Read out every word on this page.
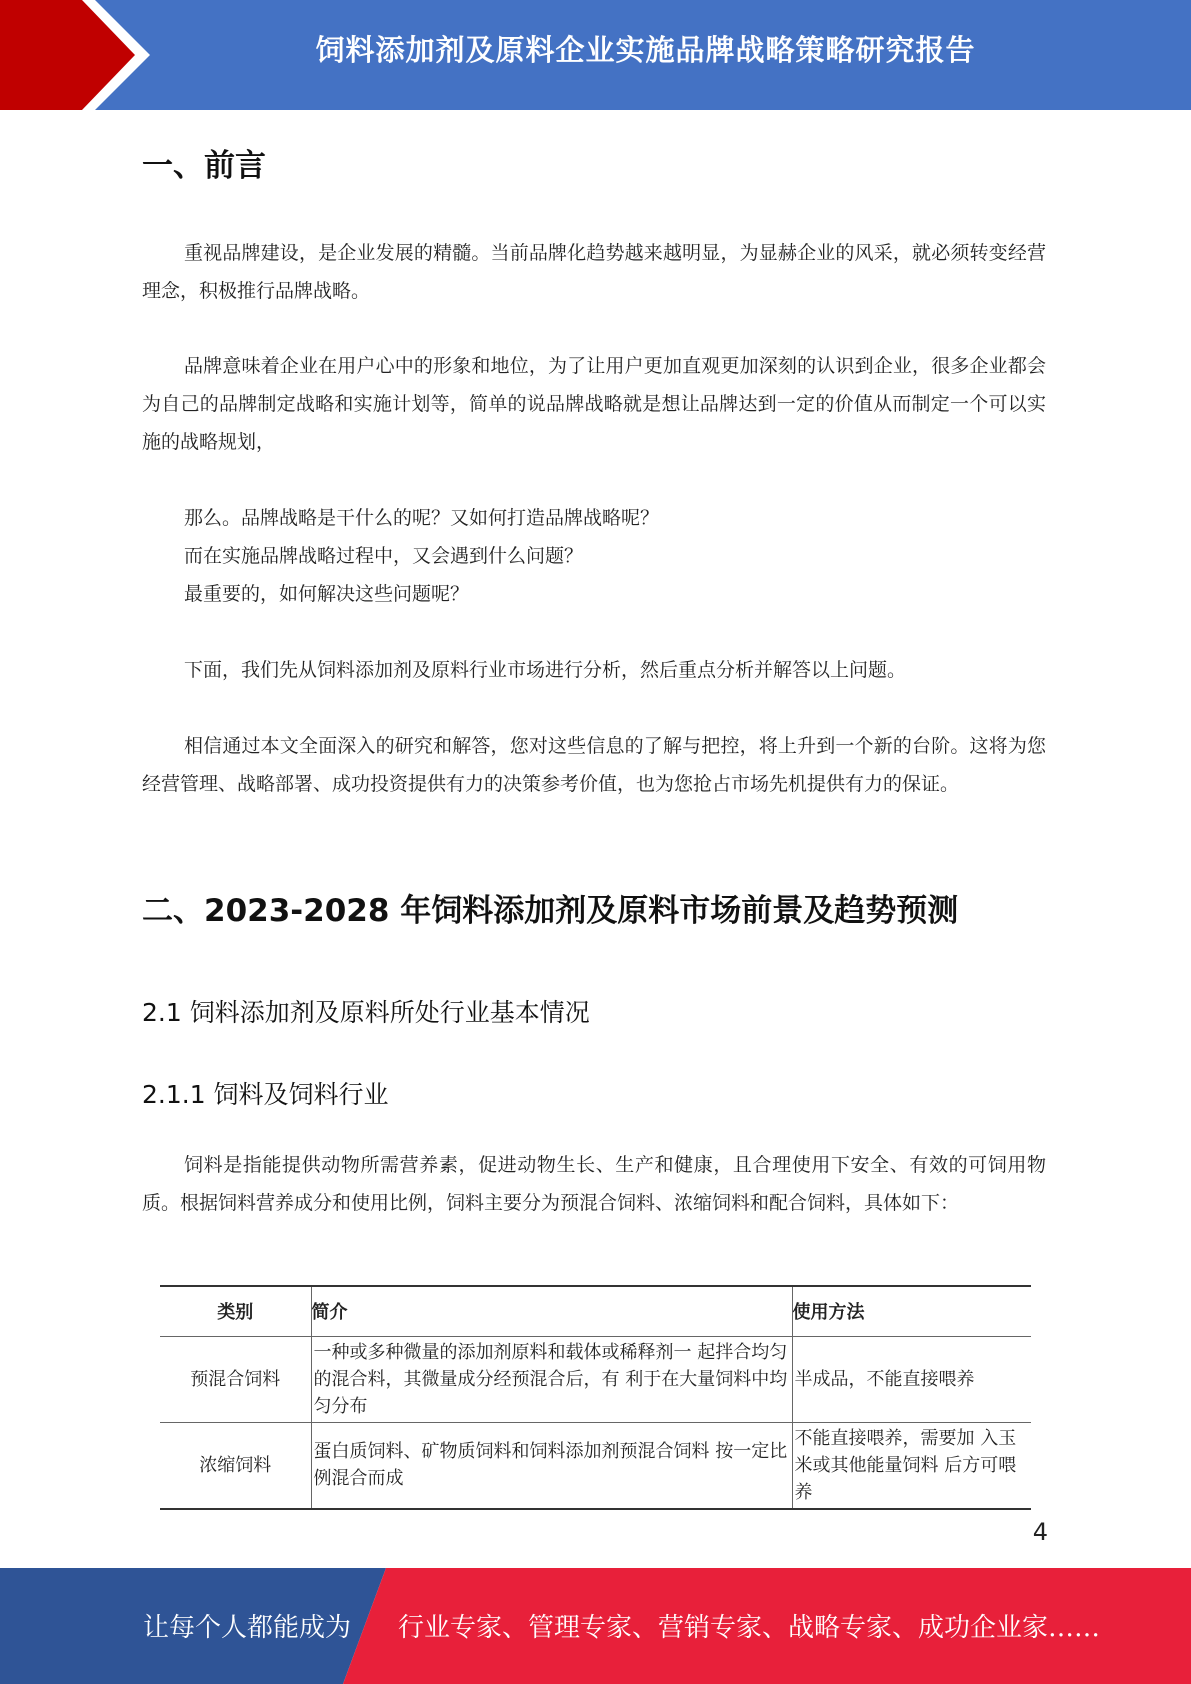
饲料添加剂及原料企业实施品牌战略策略研究报告
一、前言
重视品牌建设，是企业发展的精髓。当前品牌化趋势越来越明显，为显赫企业的风采，就必须转变经营理念，积极推行品牌战略。
品牌意味着企业在用户心中的形象和地位，为了让用户更加直观更加深刻的认识到企业，很多企业都会为自己的品牌制定战略和实施计划等，简单的说品牌战略就是想让品牌达到一定的价值从而制定一个可以实施的战略规划，
那么。品牌战略是干什么的呢？又如何打造品牌战略呢？
而在实施品牌战略过程中，又会遇到什么问题？
最重要的，如何解决这些问题呢？
下面，我们先从饲料添加剂及原料行业市场进行分析，然后重点分析并解答以上问题。
相信通过本文全面深入的研究和解答，您对这些信息的了解与把控，将上升到一个新的台阶。这将为您经营管理、战略部署、成功投资提供有力的决策参考价值，也为您抢占市场先机提供有力的保证。
二、2023-2028 年饲料添加剂及原料市场前景及趋势预测
2.1 饲料添加剂及原料所处行业基本情况
2.1.1 饲料及饲料行业
饲料是指能提供动物所需营养素，促进动物生长、生产和健康，且合理使用下安全、有效的可饲用物质。根据饲料营养成分和使用比例，饲料主要分为预混合饲料、浓缩饲料和配合饲料，具体如下：
类别	简介	使用方法
预混合饲料	一种或多种微量的添加剂原料和载体或稀释剂一 起拌合均匀的混合料，其微量成分经预混合后，有 利于在大量饲料中均匀分布	半成品，不能直接喂养
浓缩饲料	蛋白质饲料、矿物质饲料和饲料添加剂预混合饲料 按一定比例混合而成	不能直接喂养，需要加 入玉米或其他能量饲料 后方可喂养
4
让每个人都能成为 行业专家、管理专家、营销专家、战略专家、成功企业家……
